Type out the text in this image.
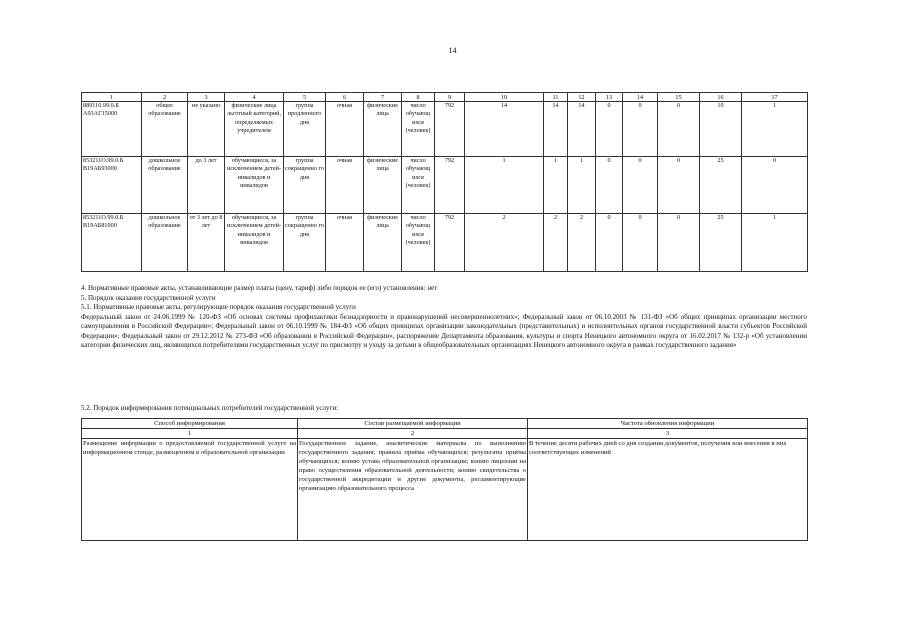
14
1	2	3	4	5	6	7	8	9	10	11	12	13	14	15	16	17
889110.99.0.Б А93АГ15000	общее образование	не указано	физические лица льготный категорий, определяемых учредителем	группа продленного дня	очная	физические лица	число обучающ ихся (человек)	792	14	14	14	0	0	0	10	1
853211О.99.0.Б В19АБ93000	дошкольное образование	до 3 лет	обучающиеся, за исключением детей-инвалидов и инвалидов	группа сокращенно го дня	очная	физические лица	число обучающ ихся (человек)	792	1	1	1	0	0	0	25	0
853211О.99.0.Б В19АБ81000	дошкольное образование	от 3 лет до 8 лет	обучающиеся, за исключением детей-инвалидов и инвалидов	группа сокращенно го дня	очная	физические лица	число обучающ ихся (человек)	792	2	2	2	0	0	0	25	1

4. Нормативные правовые акты, устанавливающие размер платы (цену, тариф) либо порядок ее (его) установления: нет

5. Порядок оказания государственной услуги

5.1. Нормативные правовые акты, регулирующие порядок оказания государственной услуги

Федеральный закон от 24.06.1999 № 120-ФЗ «Об основах системы профилактики безнадзорности и правонарушений несовершеннолетних»; Федеральный закон от 06.10.2003 № 131-ФЗ «Об общих принципах организации местного самоуправления в Российской Федерации»; Федеральный закон от 06.10.1999 № 184-ФЗ «Об общих принципах организации законодательных (представительных) и исполнительных органов государственной власти субъектов Российской Федерации»; Федеральный закон от 29.12.2012 № 273-ФЗ «Об образовании в Российской Федерации», распоряжение Департамента образования, культуры и спорта Ненецкого автономного округа от 16.02.2017 № 132-р «Об установлении категории физических лиц, являющихся потребителями государственных услуг по присмотру и уходу за детьми в общеобразовательных организациях Ненецкого автономного округа в рамках государственного задания»

5.2. Порядок информирования потенциальных потребителей государственной услуги:
Способ информирования	Состав размещаемой информации	Частота обновления информации
1	2	3
Размещение информации о предоставляемой государственной услуге на информационном стенде, размещенном в образовательной организации	Государственное задание, аналитические материалы по выполнению государственного задания; правила приёма обучающихся; результаты приёма обучающихся; копию устава образовательной организации; копию лицензии на право осуществления образовательной деятельности; копию свидетельства о государственной аккредитации и другие документы, регламентирующие организацию образовательного процесса	В течение десяти рабочих дней со дня создания документов, получения или внесения в них соответствующих изменений
